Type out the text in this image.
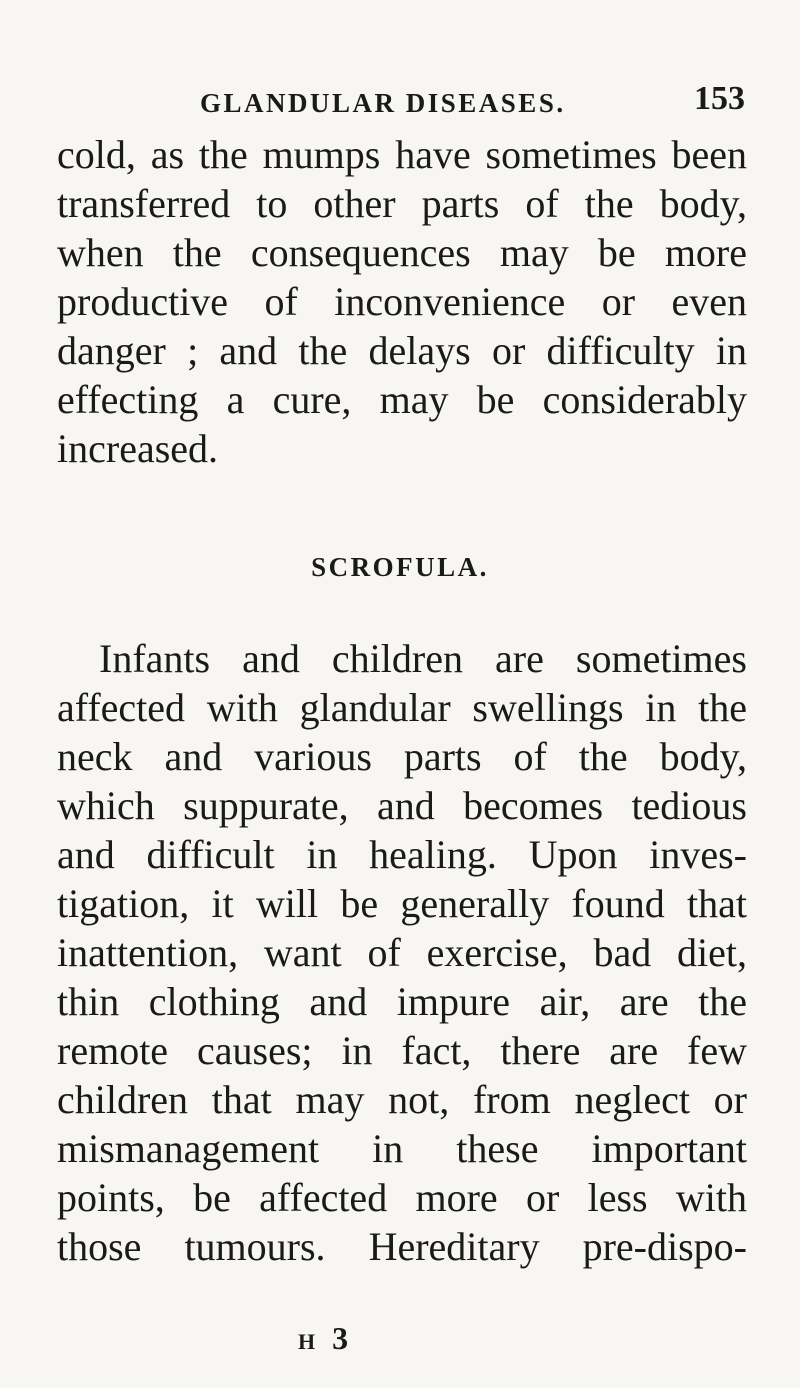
GLANDULAR DISEASES.	153
cold, as the mumps have sometimes been
transferred to other parts of the body,
when the consequences may be more
productive of inconvenience or even
danger ; and the delays or difficulty in
effecting a cure, may be considerably
increased.
SCROFULA.
Infants and children are sometimes
affected with glandular swellings in the
neck and various parts of the body,
which suppurate, and becomes tedious
and difficult in healing. Upon inves-
tigation, it will be generally found that
inattention, want of exercise, bad diet,
thin clothing and impure air, are the
remote causes; in fact, there are few
children that may not, from neglect or
mismanagement in these important
points, be affected more or less with
those tumours. Hereditary pre-dispo-
H 3
